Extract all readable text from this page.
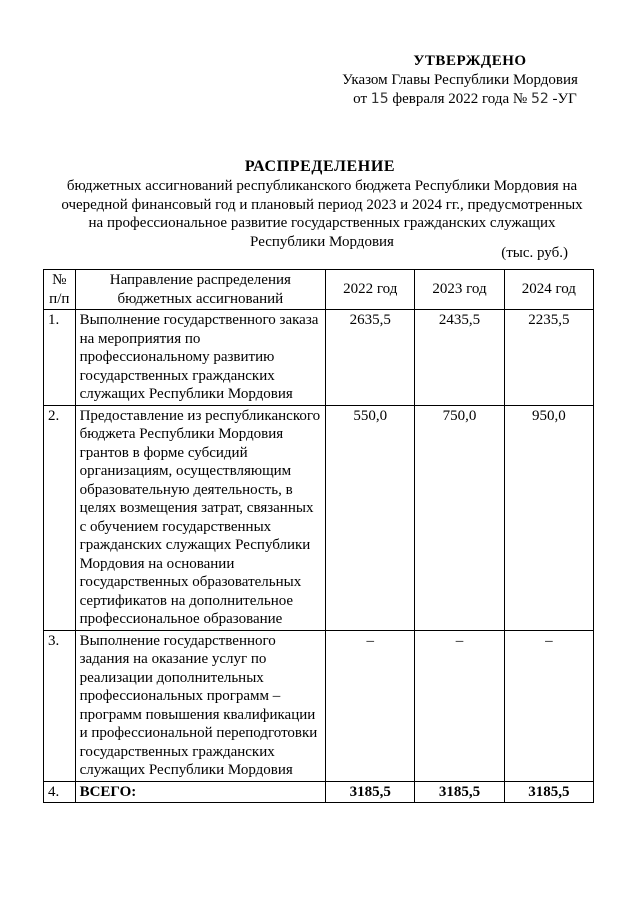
УТВЕРЖДЕНО
Указом Главы Республики Мордовия
от 15 февраля 2022 года № 52 -УГ
РАСПРЕДЕЛЕНИЕ
бюджетных ассигнований республиканского бюджета Республики Мордовия на
очередной финансовый год и плановый период 2023 и 2024 гг., предусмотренных
на профессиональное развитие государственных гражданских служащих
Республики Мордовия
(тыс. руб.)
№ п/п	Направление распределения бюджетных ассигнований	2022 год	2023 год	2024 год
1.	Выполнение государственного заказа на мероприятия по профессиональному развитию государственных гражданских служащих Республики Мордовия	2635,5	2435,5	2235,5
2.	Предоставление из республиканского бюджета Республики Мордовия грантов в форме субсидий организациям, осуществляющим образовательную деятельность, в целях возмещения затрат, связанных с обучением государственных гражданских служащих Республики Мордовия на основании государственных образовательных сертификатов на дополнительное профессиональное образование	550,0	750,0	950,0
3.	Выполнение государственного задания на оказание услуг по реализации дополнительных профессиональных программ – программ повышения квалификации и профессиональной переподготовки государственных гражданских служащих Республики Мордовия	–	–	–
4.	ВСЕГО:	3185,5	3185,5	3185,5
